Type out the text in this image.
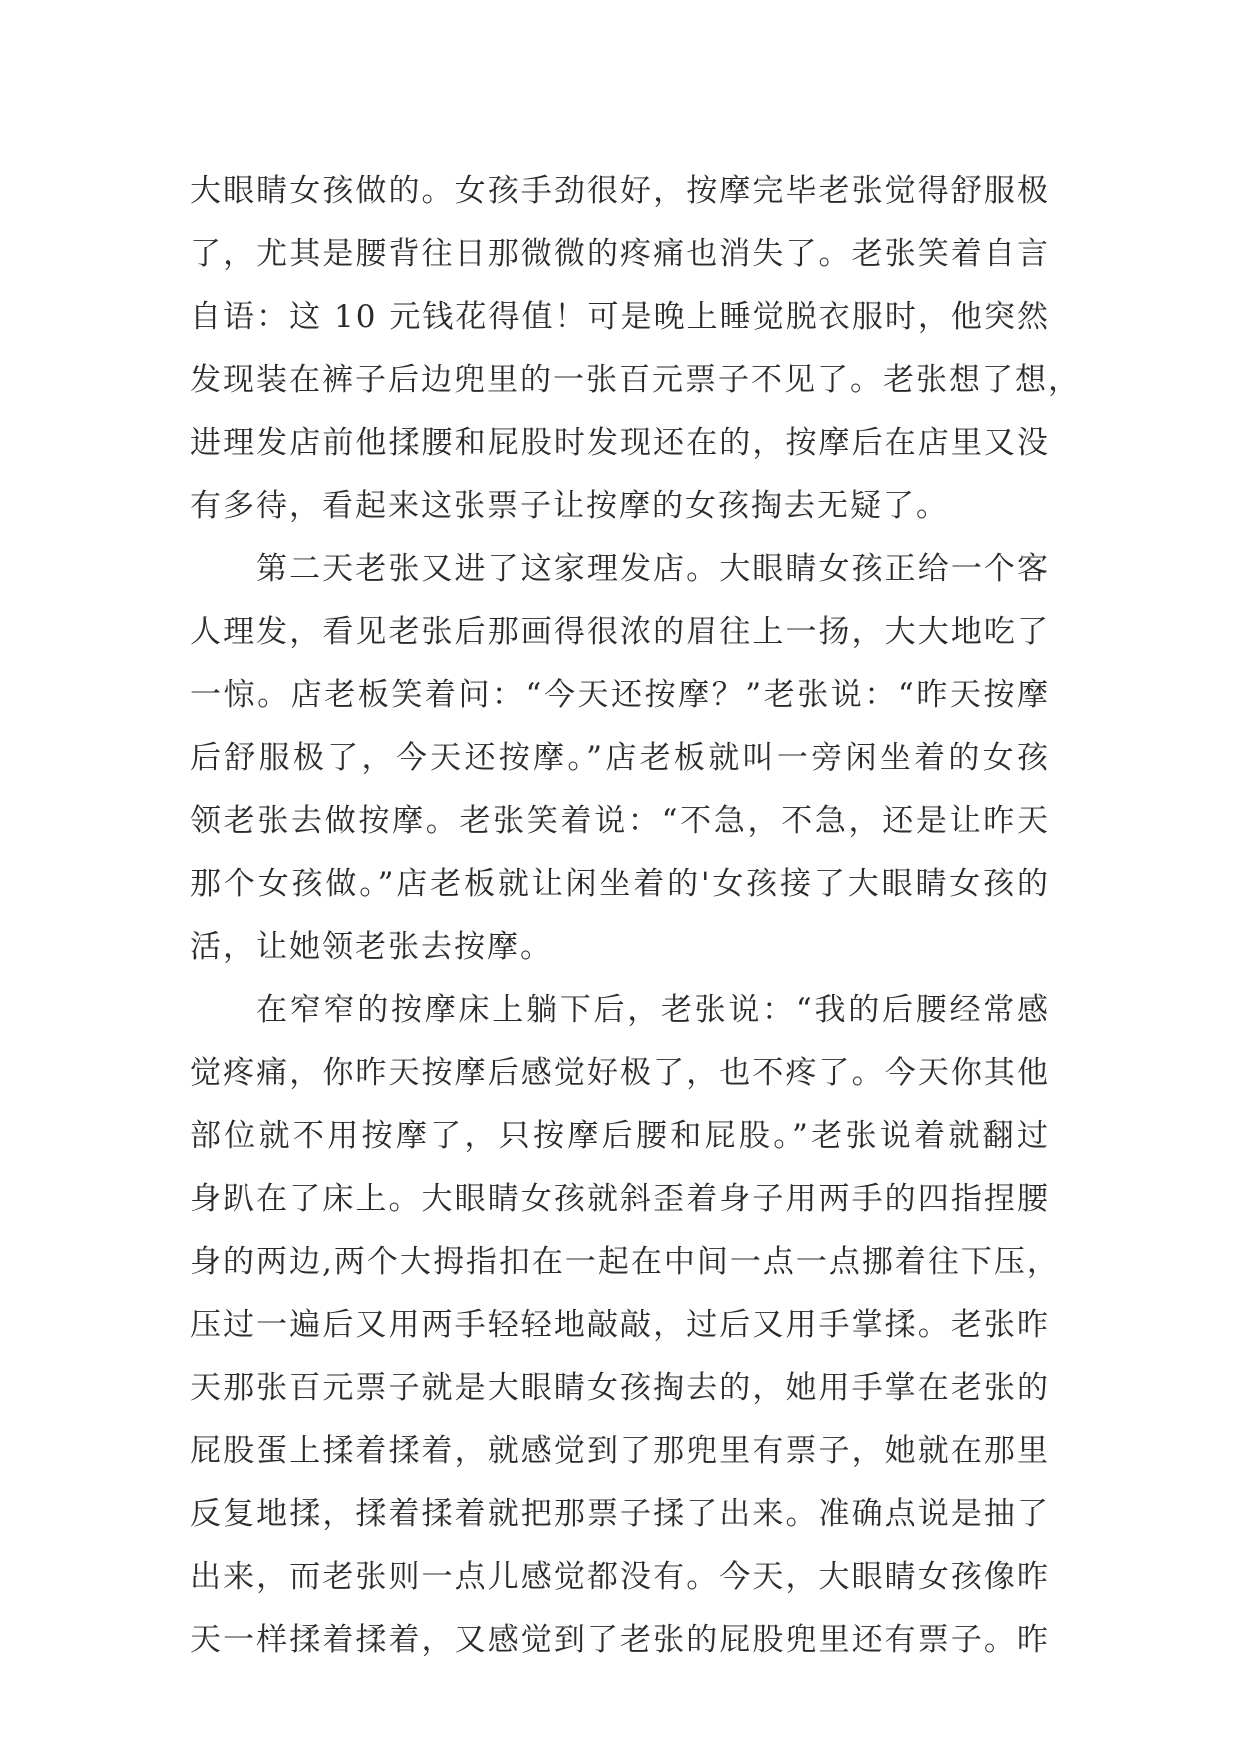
大眼睛女孩做的。女孩手劲很好，按摩完毕老张觉得舒服极
了，尤其是腰背往日那微微的疼痛也消失了。老张笑着自言
自语：这 10 元钱花得值！可是晚上睡觉脱衣服时，他突然
发现装在裤子后边兜里的一张百元票子不见了。老张想了想，
进理发店前他揉腰和屁股时发现还在的，按摩后在店里又没
有多待，看起来这张票子让按摩的女孩掏去无疑了。
第二天老张又进了这家理发店。大眼睛女孩正给一个客
人理发，看见老张后那画得很浓的眉往上一扬，大大地吃了
一惊。店老板笑着问：“今天还按摩？”老张说：“昨天按摩
后舒服极了，今天还按摩。”店老板就叫一旁闲坐着的女孩
领老张去做按摩。老张笑着说：“不急，不急，还是让昨天
那个女孩做。”店老板就让闲坐着的'女孩接了大眼睛女孩的
活，让她领老张去按摩。
在窄窄的按摩床上躺下后，老张说：“我的后腰经常感
觉疼痛，你昨天按摩后感觉好极了，也不疼了。今天你其他
部位就不用按摩了，只按摩后腰和屁股。”老张说着就翻过
身趴在了床上。大眼睛女孩就斜歪着身子用两手的四指捏腰
身的两边,两个大拇指扣在一起在中间一点一点挪着往下压，
压过一遍后又用两手轻轻地敲敲，过后又用手掌揉。老张昨
天那张百元票子就是大眼睛女孩掏去的，她用手掌在老张的
屁股蛋上揉着揉着，就感觉到了那兜里有票子，她就在那里
反复地揉，揉着揉着就把那票子揉了出来。准确点说是抽了
出来，而老张则一点儿感觉都没有。今天，大眼睛女孩像昨
天一样揉着揉着，又感觉到了老张的屁股兜里还有票子。昨
